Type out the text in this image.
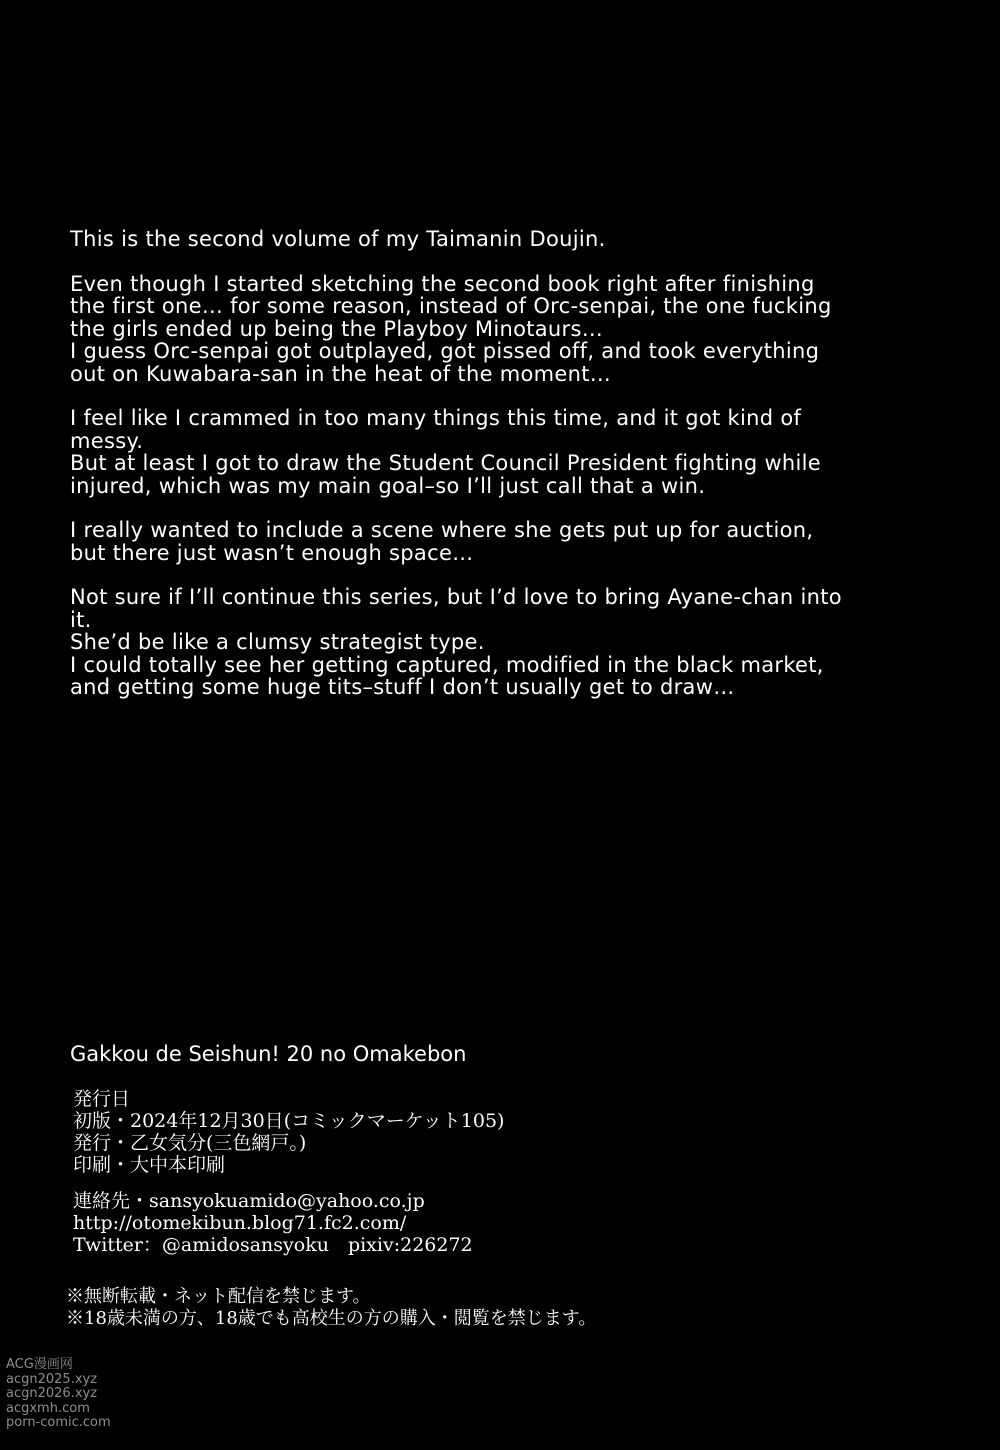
This is the second volume of my Taimanin Doujin.

Even though I started sketching the second book right after finishing
the first one… for some reason, instead of Orc-senpai, the one fucking
the girls ended up being the Playboy Minotaurs…
I guess Orc-senpai got outplayed, got pissed off, and took everything
out on Kuwabara-san in the heat of the moment…

I feel like I crammed in too many things this time, and it got kind of
messy.
But at least I got to draw the Student Council President fighting while
injured, which was my main goal–so I’ll just call that a win.

I really wanted to include a scene where she gets put up for auction,
but there just wasn’t enough space…

Not sure if I’ll continue this series, but I’d love to bring Ayane-chan into
it.
She’d be like a clumsy strategist type.
I could totally see her getting captured, modified in the black market,
and getting some huge tits–stuff I don’t usually get to draw…

Gakkou de Seishun! 20 no Omakebon
発行日
初版・2024年12月30日(コミックマーケット105)
発行・乙女気分(三色網戸。)
印刷・大中本印刷
連絡先・sansyokuamido@yahoo.co.jp
http://otomekibun.blog71.fc2.com/
Twitter：@amidosansyoku　pixiv:226272
※無断転載・ネット配信を禁じます。
※18歳未満の方、18歳でも高校生の方の購入・閲覧を禁じます。
ACG漫画网
acgn2025.xyz
acgn2026.xyz
acgxmh.com
porn-comic.com
